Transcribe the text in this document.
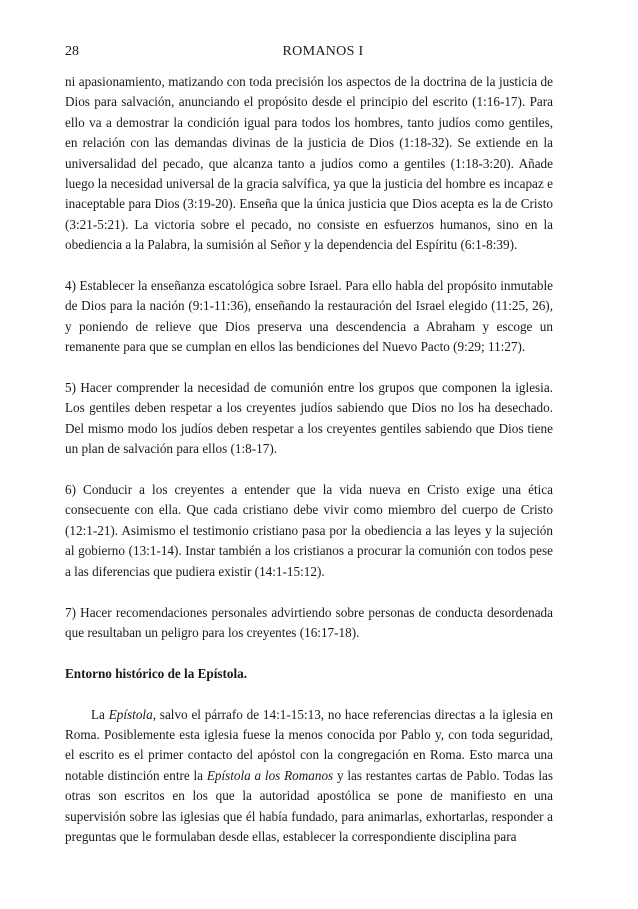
28	ROMANOS I

ni apasionamiento, matizando con toda precisión los aspectos de la doctrina de la justicia de Dios para salvación, anunciando el propósito desde el principio del escrito (1:16-17). Para ello va a demostrar la condición igual para todos los hombres, tanto judíos como gentiles, en relación con las demandas divinas de la justicia de Dios (1:18-32). Se extiende en la universalidad del pecado, que alcanza tanto a judíos como a gentiles (1:18-3:20). Añade luego la necesidad universal de la gracia salvífica, ya que la justicia del hombre es incapaz e inaceptable para Dios (3:19-20). Enseña que la única justicia que Dios acepta es la de Cristo (3:21-5:21). La victoria sobre el pecado, no consiste en esfuerzos humanos, sino en la obediencia a la Palabra, la sumisión al Señor y la dependencia del Espíritu (6:1-8:39).

4) Establecer la enseñanza escatológica sobre Israel. Para ello habla del propósito inmutable de Dios para la nación (9:1-11:36), enseñando la restauración del Israel elegido (11:25, 26), y poniendo de relieve que Dios preserva una descendencia a Abraham y escoge un remanente para que se cumplan en ellos las bendiciones del Nuevo Pacto (9:29; 11:27).

5) Hacer comprender la necesidad de comunión entre los grupos que componen la iglesia. Los gentiles deben respetar a los creyentes judíos sabiendo que Dios no los ha desechado. Del mismo modo los judíos deben respetar a los creyentes gentiles sabiendo que Dios tiene un plan de salvación para ellos (1:8-17).

6) Conducir a los creyentes a entender que la vida nueva en Cristo exige una ética consecuente con ella. Que cada cristiano debe vivir como miembro del cuerpo de Cristo (12:1-21). Asimismo el testimonio cristiano pasa por la obediencia a las leyes y la sujeción al gobierno (13:1-14). Instar también a los cristianos a procurar la comunión con todos pese a las diferencias que pudiera existir (14:1-15:12).

7) Hacer recomendaciones personales advirtiendo sobre personas de conducta desordenada que resultaban un peligro para los creyentes (16:17-18).

Entorno histórico de la Epístola.

La Epístola, salvo el párrafo de 14:1-15:13, no hace referencias directas a la iglesia en Roma. Posiblemente esta iglesia fuese la menos conocida por Pablo y, con toda seguridad, el escrito es el primer contacto del apóstol con la congregación en Roma. Esto marca una notable distinción entre la Epístola a los Romanos y las restantes cartas de Pablo. Todas las otras son escritos en los que la autoridad apostólica se pone de manifiesto en una supervisión sobre las iglesias que él había fundado, para animarlas, exhortarlas, responder a preguntas que le formulaban desde ellas, establecer la correspondiente disciplina para
